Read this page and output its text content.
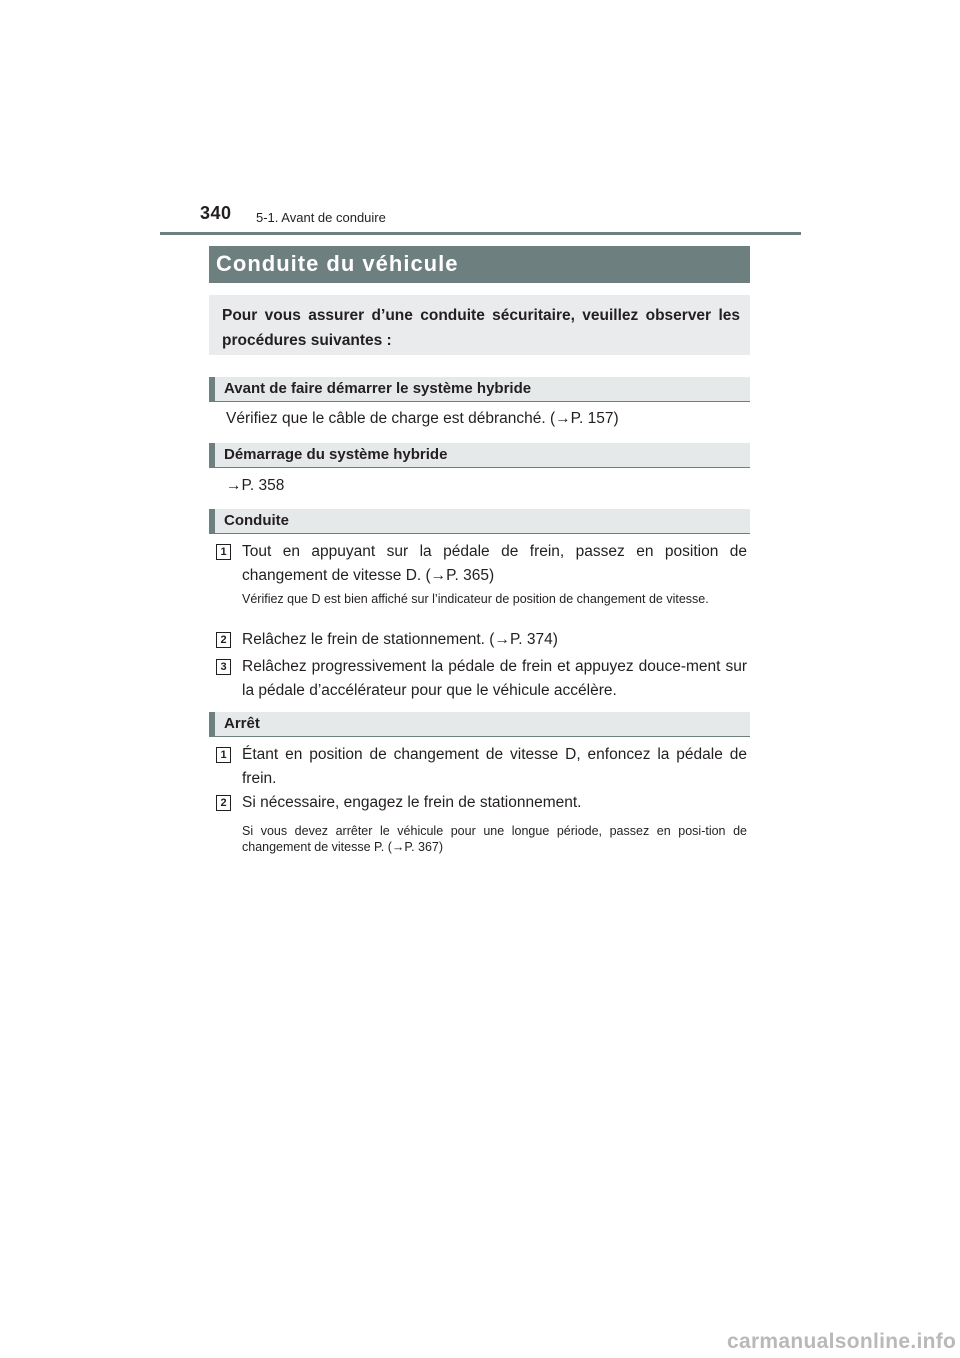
340 5-1. Avant de conduire
Conduite du véhicule

Pour vous assurer d’une conduite sécuritaire, veuillez observer les procédures suivantes :

Avant de faire démarrer le système hybride
Vérifiez que le câble de charge est débranché. (→P. 157)
Démarrage du système hybride
→P. 358
Conduite
1 Tout en appuyant sur la pédale de frein, passez en position de changement de vitesse D. (→P. 365)
Vérifiez que D est bien affiché sur l’indicateur de position de changement de vitesse.
2 Relâchez le frein de stationnement. (→P. 374)
3 Relâchez progressivement la pédale de frein et appuyez douce-ment sur la pédale d’accélérateur pour que le véhicule accélère.
Arrêt
1 Étant en position de changement de vitesse D, enfoncez la pédale de frein.
2 Si nécessaire, engagez le frein de stationnement.
Si vous devez arrêter le véhicule pour une longue période, passez en posi-tion de changement de vitesse P. (→P. 367)
carmanualsonline.info
